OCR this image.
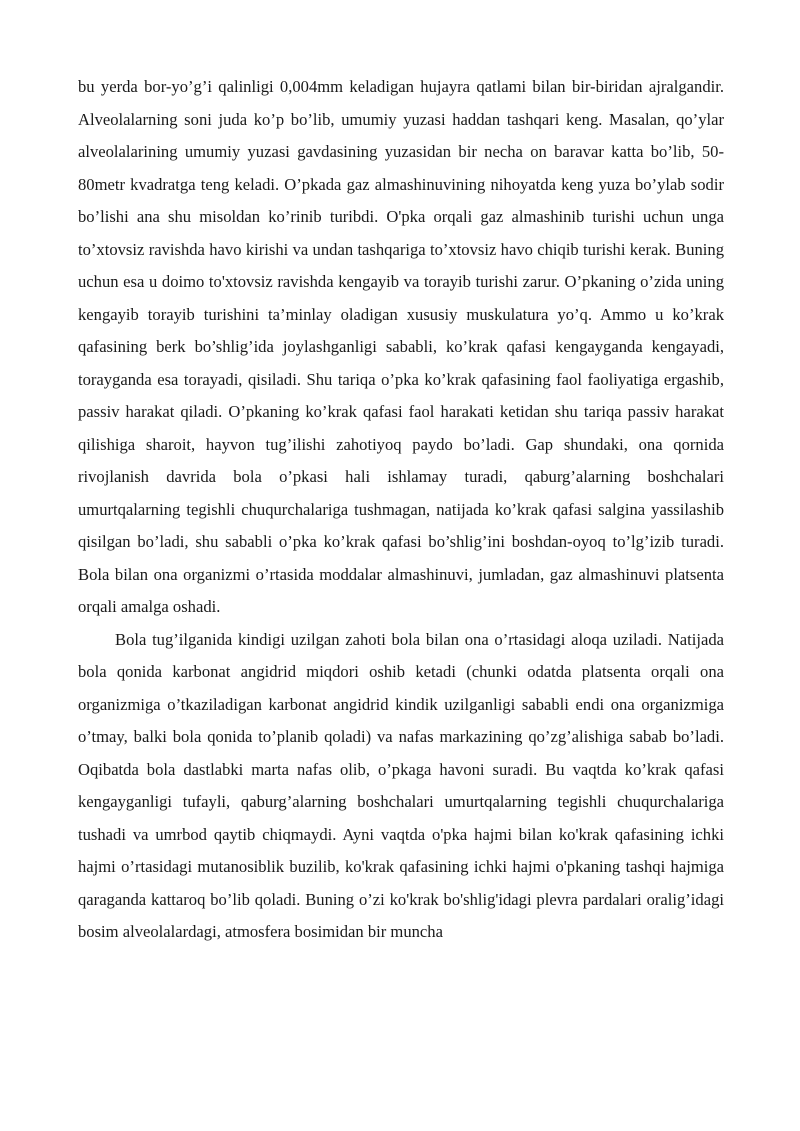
bu yerda bor-yo’g’i qalinligi 0,004mm keladigan hujayra qatlami bilan bir-biridan ajralgandir. Alveolalarning soni juda ko’p bo’lib, umumiy yuzasi haddan tashqari keng. Masalan, qo’ylar alveolalarining umumiy yuzasi gavdasining yuzasidan bir necha on baravar katta bo’lib, 50-80metr kvadratga teng keladi. O’pkada gaz almashinuvining nihoyatda keng yuza bo’ylab sodir bo’lishi ana shu misoldan ko’rinib turibdi. O'pka orqali gaz almashinib turishi uchun unga to’xtovsiz ravishda havo kirishi va undan tashqariga to’xtovsiz havo chiqib turishi kerak. Buning uchun esa u doimo to'xtovsiz ravishda kengayib va torayib turishi zarur. O’pkaning o’zida uning kengayib torayib turishini ta’minlay oladigan xususiy muskulatura yo’q. Ammo u ko’krak qafasining berk bo’shlig’ida joylashganligi sababli, ko’krak qafasi kengayganda kengayadi, torayganda esa torayadi, qisiladi. Shu tariqa o’pka ko’krak qafasining faol faoliyatiga ergashib, passiv harakat qiladi. O’pkaning ko’krak qafasi faol harakati ketidan shu tariqa passiv harakat qilishiga sharoit, hayvon tug’ilishi zahotiyoq paydo bo’ladi. Gap shundaki, ona qornida rivojlanish davrida bola o’pkasi hali ishlamay turadi, qaburg’alarning boshchalari umurtqalarning tegishli chuqurchalariga tushmagan, natijada ko’krak qafasi salgina yassilashib qisilgan bo’ladi, shu sababli o’pka ko’krak qafasi bo’shlig’ini boshdan-oyoq to’lg’izib turadi. Bola bilan ona organizmi o’rtasida moddalar almashinuvi, jumladan, gaz almashinuvi platsenta orqali amalga oshadi.

Bola tug’ilganida kindigi uzilgan zahoti bola bilan ona o’rtasidagi aloqa uziladi. Natijada bola qonida karbonat angidrid miqdori oshib ketadi (chunki odatda platsenta orqali ona organizmiga o’tkaziladigan karbonat angidrid kindik uzilganligi sababli endi ona organizmiga o’tmay, balki bola qonida to’planib qoladi) va nafas markazining qo’zg’alishiga sabab bo’ladi. Oqibatda bola dastlabki marta nafas olib, o’pkaga havoni suradi. Bu vaqtda ko’krak qafasi kengayganligi tufayli, qaburg’alarning boshchalari umurtqalarning tegishli chuqurchalariga tushadi va umrbod qaytib chiqmaydi. Ayni vaqtda o'pka hajmi bilan ko'krak qafasining ichki hajmi o’rtasidagi mutanosiblik buzilib, ko'krak qafasining ichki hajmi o'pkaning tashqi hajmiga qaraganda kattaroq bo’lib qoladi. Buning o’zi ko'krak bo'shlig'idagi plevra pardalari oralig’idagi bosim alveolalardagi, atmosfera bosimidan bir muncha
